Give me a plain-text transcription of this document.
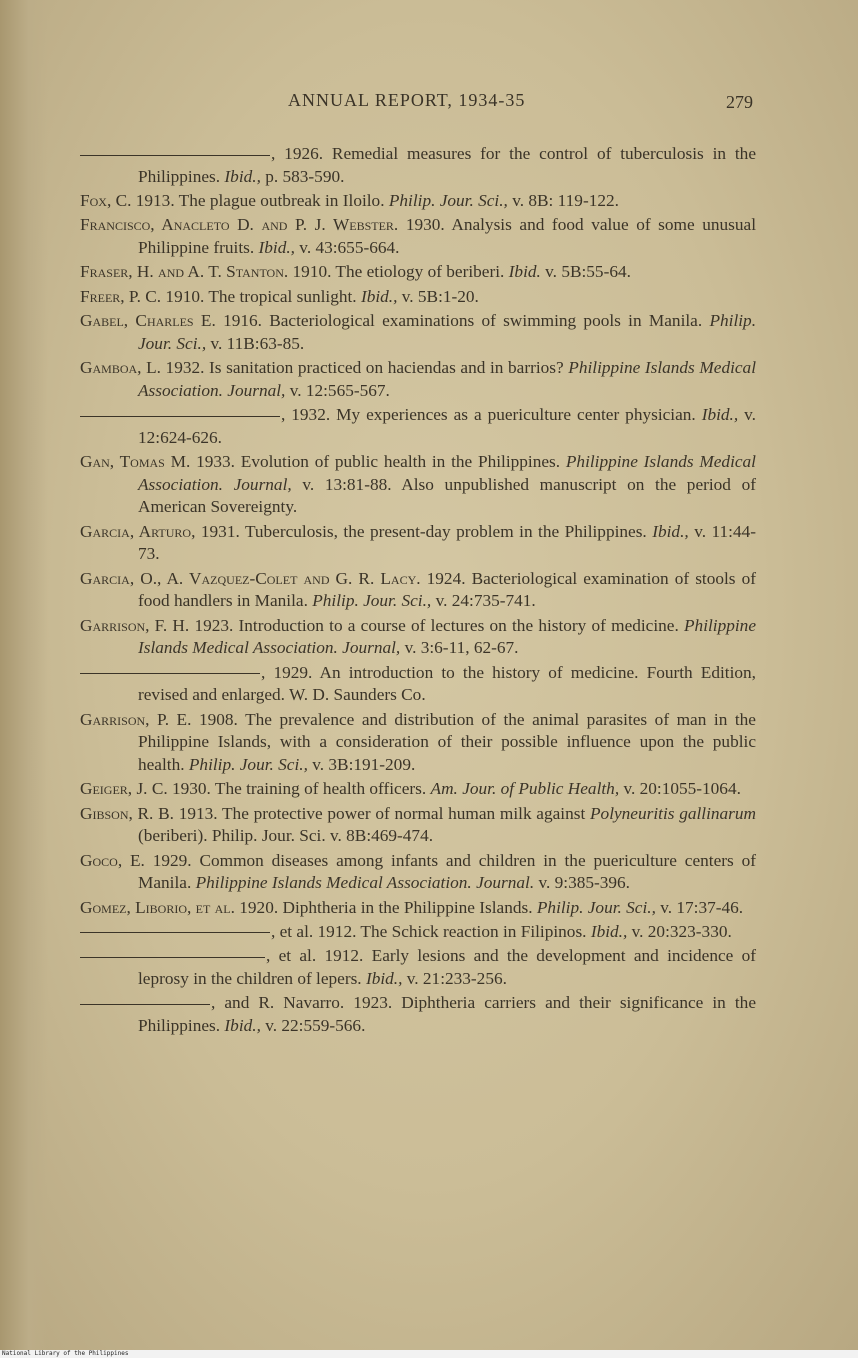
ANNUAL REPORT, 1934-35	279

, 1926. Remedial measures for the control of tuberculosis in the Philippines. Ibid., p. 583-590.

Fox, C. 1913. The plague outbreak in Iloilo. Philip. Jour. Sci., v. 8B: 119-122.

Francisco, Anacleto D. and P. J. Webster. 1930. Analysis and food value of some unusual Philippine fruits. Ibid., v. 43:655-664.

Fraser, H. and A. T. Stanton. 1910. The etiology of beriberi. Ibid. v. 5B:55-64.

Freer, P. C. 1910. The tropical sunlight. Ibid., v. 5B:1-20.

Gabel, Charles E. 1916. Bacteriological examinations of swimming pools in Manila. Philip. Jour. Sci., v. 11B:63-85.

Gamboa, L. 1932. Is sanitation practiced on haciendas and in barrios? Philippine Islands Medical Association. Journal, v. 12:565-567.

, 1932. My experiences as a puericulture center physician. Ibid., v. 12:624-626.

Gan, Tomas M. 1933. Evolution of public health in the Philippines. Philippine Islands Medical Association. Journal, v. 13:81-88. Also unpublished manuscript on the period of American Sovereignty.

Garcia, Arturo, 1931. Tuberculosis, the present-day problem in the Philippines. Ibid., v. 11:44-73.

Garcia, O., A. Vazquez-Colet and G. R. Lacy. 1924. Bacteriological examination of stools of food handlers in Manila. Philip. Jour. Sci., v. 24:735-741.

Garrison, F. H. 1923. Introduction to a course of lectures on the history of medicine. Philippine Islands Medical Association. Journal, v. 3:6-11, 62-67.

, 1929. An introduction to the history of medicine. Fourth Edition, revised and enlarged. W. D. Saunders Co.

Garrison, P. E. 1908. The prevalence and distribution of the animal parasites of man in the Philippine Islands, with a consideration of their possible influence upon the public health. Philip. Jour. Sci., v. 3B:191-209.

Geiger, J. C. 1930. The training of health officers. Am. Jour. of Public Health, v. 20:1055-1064.

Gibson, R. B. 1913. The protective power of normal human milk against Polyneuritis gallinarum (beriberi). Philip. Jour. Sci. v. 8B:469-474.

Goco, E. 1929. Common diseases among infants and children in the puericulture centers of Manila. Philippine Islands Medical Association. Journal. v. 9:385-396.

Gomez, Liborio, et al. 1920. Diphtheria in the Philippine Islands. Philip. Jour. Sci., v. 17:37-46.

, et al. 1912. The Schick reaction in Filipinos. Ibid., v. 20:323-330.

, et al. 1912. Early lesions and the development and incidence of leprosy in the children of lepers. Ibid., v. 21:233-256.

, and R. Navarro. 1923. Diphtheria carriers and their significance in the Philippines. Ibid., v. 22:559-566.

National Library of the Philippines
